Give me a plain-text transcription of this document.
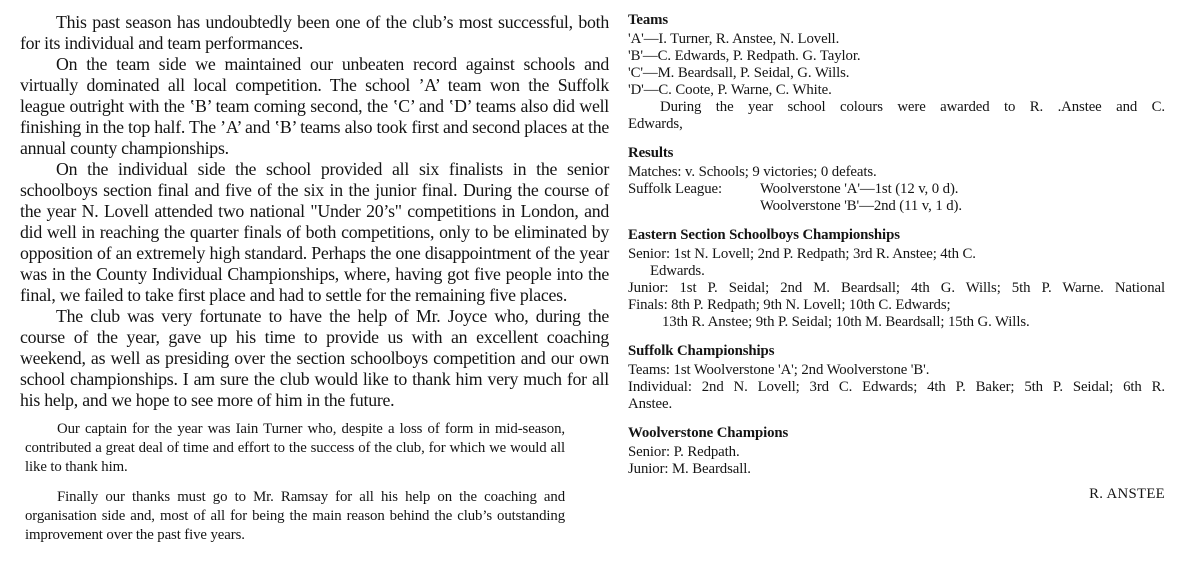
This past season has undoubtedly been one of the club’s most successful, both for its individual and team performances.

On the team side we maintained our unbeaten record against schools and virtually dominated all local competition. The school ’A’ team won the Suffolk league outright with the ‛B’ team coming second, the ‛C’ and ‛D’ teams also did well finishing in the top half. The ’A’ and ‛B’ teams also took first and second places at the annual county championships.

On the individual side the school provided all six finalists in the senior schoolboys section final and five of the six in the junior final. During the course of the year N. Lovell attended two national "Under 20’s" competitions in London, and did well in reaching the quarter finals of both competitions, only to be eliminated by opposition of an extremely high standard. Perhaps the one disappointment of the year was in the County Individual Championships, where, having got five people into the final, we failed to take first place and had to settle for the remaining five places.

The club was very fortunate to have the help of Mr. Joyce who, during the course of the year, gave up his time to provide us with an excellent coaching weekend, as well as presiding over the section schoolboys competition and our own school championships. I am sure the club would like to thank him very much for all his help, and we hope to see more of him in the future.

Our captain for the year was Iain Turner who, despite a loss of form in mid-season, contributed a great deal of time and effort to the success of the club, for which we would all like to thank him.

Finally our thanks must go to Mr. Ramsay for all his help on the coaching and organisation side and, most of all for being the main reason behind the club’s outstanding improvement over the past five years.

Teams
'A'—I. Turner, R. Anstee, N. Lovell.
'B'—C. Edwards, P. Redpath. G. Taylor.
'C'—M. Beardsall, P. Seidal, G. Wills.
'D'—C. Coote, P. Warne, C. White.
During the year school colours were awarded to R. .Anstee and C.
Edwards,
Results
Matches: v. Schools; 9 victories; 0 defeats.
Suffolk League:	Woolverstone 'A'—1st (12 v, 0 d).
Woolverstone 'B'—2nd (11 v, 1 d).
Eastern Section Schoolboys Championships
Senior: 1st N. Lovell; 2nd P. Redpath; 3rd R. Anstee; 4th C.
Edwards.
Junior: 1st P. Seidal; 2nd M. Beardsall; 4th G. Wills; 5th P. Warne. National
Finals: 8th P. Redpath; 9th N. Lovell; 10th C. Edwards;
13th R. Anstee; 9th P. Seidal; 10th M. Beardsall; 15th G. Wills.
Suffolk Championships
Teams: 1st Woolverstone 'A'; 2nd Woolverstone 'B'.
Individual: 2nd N. Lovell; 3rd C. Edwards; 4th P. Baker; 5th P. Seidal; 6th R.
Anstee.
Woolverstone Champions
Senior: P. Redpath.
Junior: M. Beardsall.
R. ANSTEE
